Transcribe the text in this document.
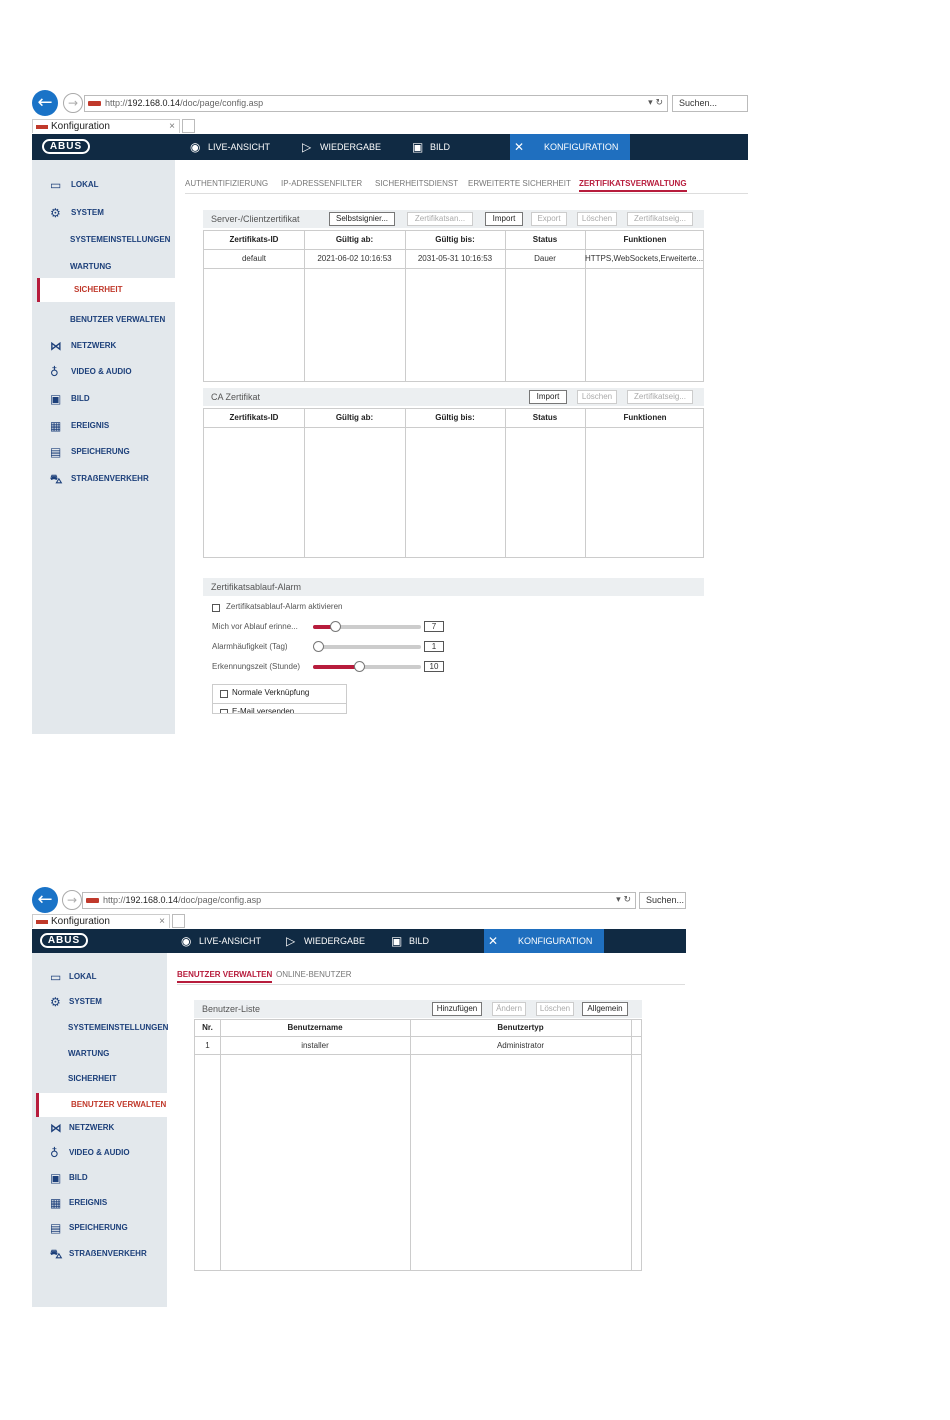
←	→	http://192.168.0.14/doc/page/config.asp	▾ ↻	Suchen...
Konfiguration	×
ABUS	◉ LIVE-ANSICHT	▷ WIEDERGABE	▣ BILD	✕ KONFIGURATION
▭ LOKAL
⚙ SYSTEM
SYSTEMEINSTELLUNGEN
WARTUNG
SICHERHEIT
BENUTZER VERWALTEN
⋈ NETZWERK
♁ VIDEO & AUDIO
▣ BILD
▦ EREIGNIS
▤ SPEICHERUNG
⛍ STRAẞENVERKEHR
AUTHENTIFIZIERUNG IP-ADRESSENFILTER SICHERHEITSDIENST ERWEITERTE SICHERHEIT ZERTIFIKATSVERWALTUNG
Server-/Clientzertifikat	Selbstsignier...	Zertifikatsan...	Import	Export	Löschen	Zertifikatseig...
Zertifikats-ID	Gültig ab:	Gültig bis:	Status	Funktionen
default	2021-06-02 10:16:53	2031-05-31 10:16:53	Dauer	HTTPS,WebSockets,Erweiterte...
CA Zertifikat	Import	Löschen	Zertifikatseig...
Zertifikats-ID	Gültig ab:	Gültig bis:	Status	Funktionen
Zertifikatsablauf-Alarm
Zertifikatsablauf-Alarm aktivieren
Mich vor Ablauf erinne...	7
Alarmhäufigkeit (Tag)	1
Erkennungszeit (Stunde)	10
Normale Verknüpfung
E-Mail versenden
←	→	http://192.168.0.14/doc/page/config.asp	▾ ↻	Suchen...
Konfiguration	×
ABUS	◉ LIVE-ANSICHT ▷ WIEDERGABE ▣ BILD	✕ KONFIGURATION
▭ LOKAL
⚙ SYSTEM
SYSTEMEINSTELLUNGEN
WARTUNG
SICHERHEIT
BENUTZER VERWALTEN
⋈ NETZWERK
♁ VIDEO & AUDIO
▣ BILD
▦ EREIGNIS
▤ SPEICHERUNG
⛍ STRAẞENVERKEHR
BENUTZER VERWALTEN ONLINE-BENUTZER
Benutzer-Liste	Hinzufügen	Ändern	Löschen	Allgemein
Nr.	Benutzername	Benutzertyp
1	installer	Administrator
